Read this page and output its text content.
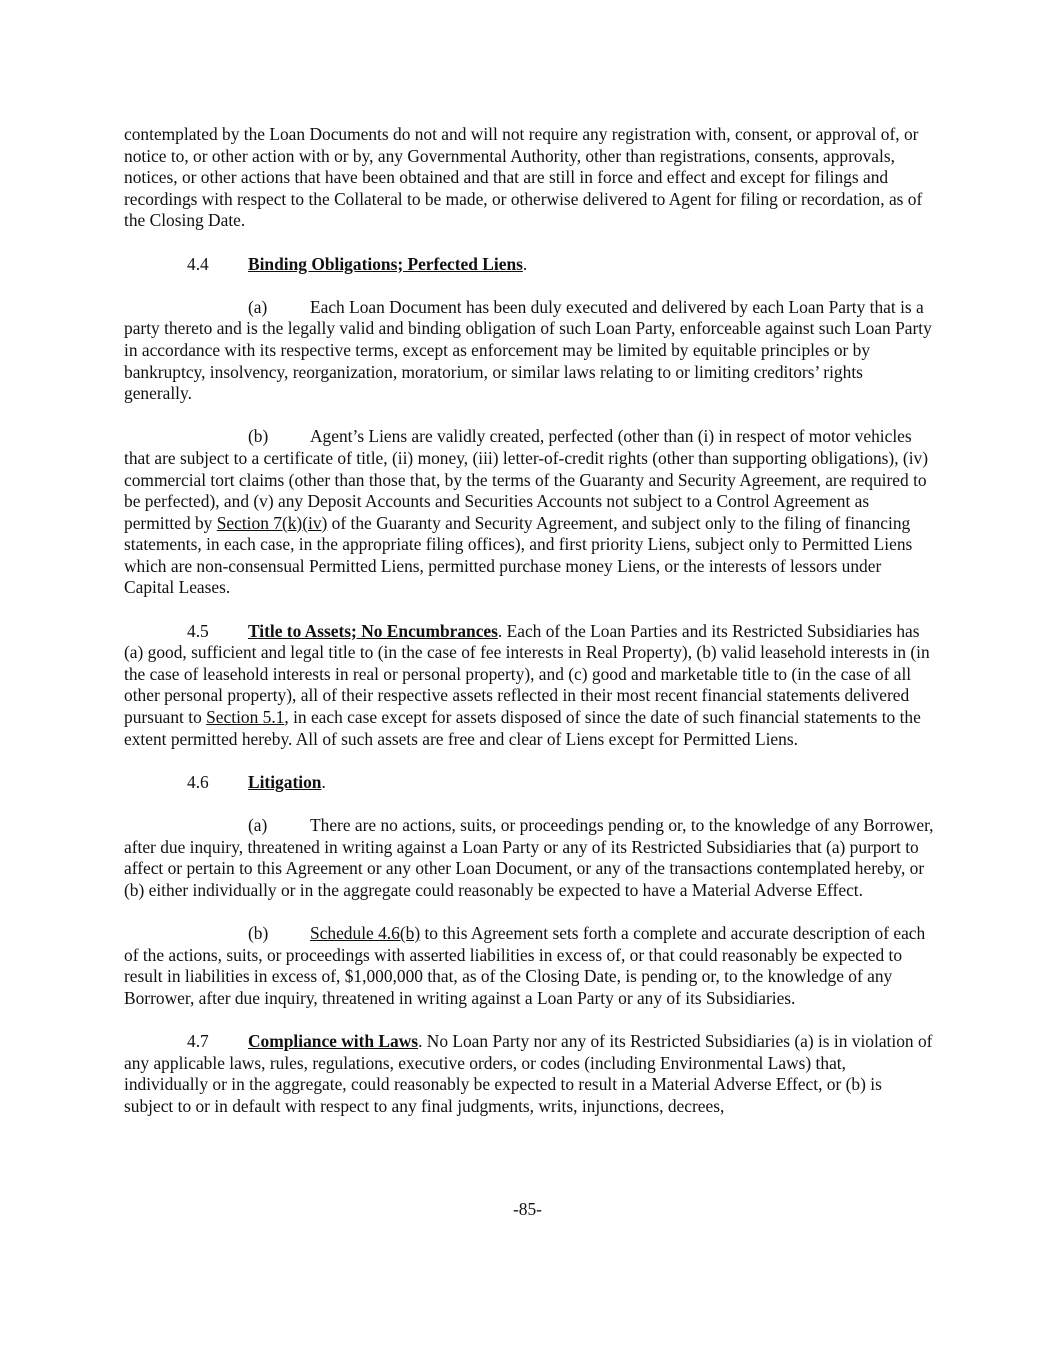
contemplated by the Loan Documents do not and will not require any registration with, consent, or approval of, or notice to, or other action with or by, any Governmental Authority, other than registrations, consents, approvals, notices, or other actions that have been obtained and that are still in force and effect and except for filings and recordings with respect to the Collateral to be made, or otherwise delivered to Agent for filing or recordation, as of the Closing Date.

4.4 Binding Obligations; Perfected Liens.

(a) Each Loan Document has been duly executed and delivered by each Loan Party that is a party thereto and is the legally valid and binding obligation of such Loan Party, enforceable against such Loan Party in accordance with its respective terms, except as enforcement may be limited by equitable principles or by bankruptcy, insolvency, reorganization, moratorium, or similar laws relating to or limiting creditors’ rights generally.

(b) Agent’s Liens are validly created, perfected (other than (i) in respect of motor vehicles that are subject to a certificate of title, (ii) money, (iii) letter-of-credit rights (other than supporting obligations), (iv) commercial tort claims (other than those that, by the terms of the Guaranty and Security Agreement, are required to be perfected), and (v) any Deposit Accounts and Securities Accounts not subject to a Control Agreement as permitted by Section 7(k)(iv) of the Guaranty and Security Agreement, and subject only to the filing of financing statements, in each case, in the appropriate filing offices), and first priority Liens, subject only to Permitted Liens which are non-consensual Permitted Liens, permitted purchase money Liens, or the interests of lessors under Capital Leases.

4.5 Title to Assets; No Encumbrances. Each of the Loan Parties and its Restricted Subsidiaries has (a) good, sufficient and legal title to (in the case of fee interests in Real Property), (b) valid leasehold interests in (in the case of leasehold interests in real or personal property), and (c) good and marketable title to (in the case of all other personal property), all of their respective assets reflected in their most recent financial statements delivered pursuant to Section 5.1, in each case except for assets disposed of since the date of such financial statements to the extent permitted hereby. All of such assets are free and clear of Liens except for Permitted Liens.

4.6 Litigation.

(a) There are no actions, suits, or proceedings pending or, to the knowledge of any Borrower, after due inquiry, threatened in writing against a Loan Party or any of its Restricted Subsidiaries that (a) purport to affect or pertain to this Agreement or any other Loan Document, or any of the transactions contemplated hereby, or (b) either individually or in the aggregate could reasonably be expected to have a Material Adverse Effect.

(b) Schedule 4.6(b) to this Agreement sets forth a complete and accurate description of each of the actions, suits, or proceedings with asserted liabilities in excess of, or that could reasonably be expected to result in liabilities in excess of, $1,000,000 that, as of the Closing Date, is pending or, to the knowledge of any Borrower, after due inquiry, threatened in writing against a Loan Party or any of its Subsidiaries.

4.7 Compliance with Laws. No Loan Party nor any of its Restricted Subsidiaries (a) is in violation of any applicable laws, rules, regulations, executive orders, or codes (including Environmental Laws) that, individually or in the aggregate, could reasonably be expected to result in a Material Adverse Effect, or (b) is subject to or in default with respect to any final judgments, writs, injunctions, decrees,

-85-
